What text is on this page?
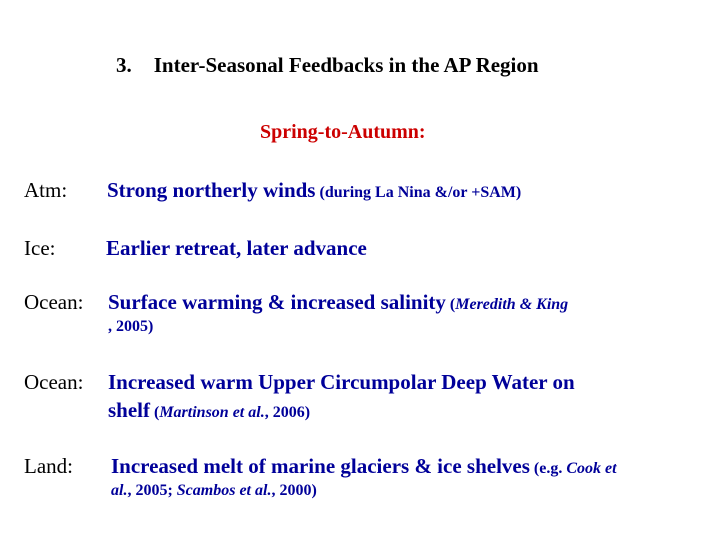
3. Inter-Seasonal Feedbacks in the AP Region
Spring-to-Autumn:
Atm: Strong northerly winds (during La Nina &/or +SAM)
Ice: Earlier retreat, later advance
Ocean: Surface warming & increased salinity (Meredith & King
, 2005)
Ocean: Increased warm Upper Circumpolar Deep Water on
shelf (Martinson et al., 2006)
Land: Increased melt of marine glaciers & ice shelves (e.g. Cook et
al., 2005; Scambos et al., 2000)
